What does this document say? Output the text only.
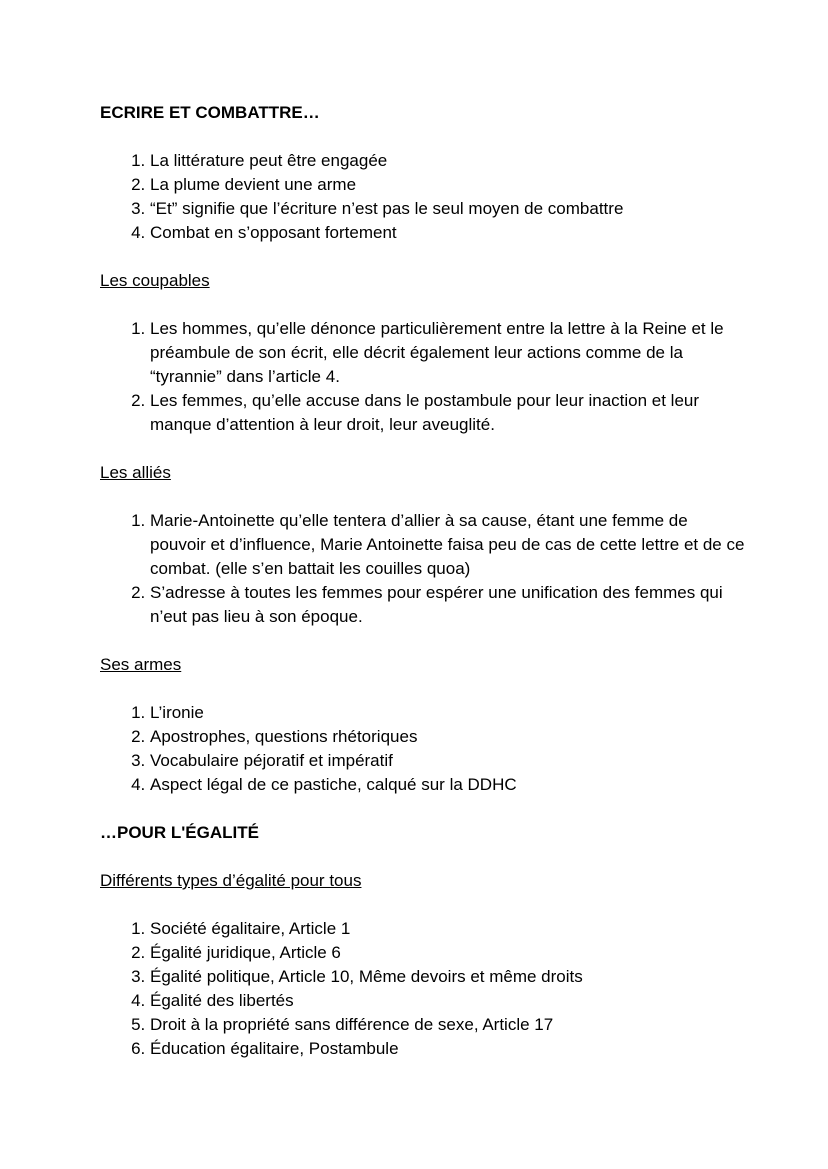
ECRIRE ET COMBATTRE…
1. La littérature peut être engagée
2. La plume devient une arme
3. “Et” signifie que l’écriture n’est pas le seul moyen de combattre
4. Combat en s’opposant fortement

Les coupables

1. Les hommes, qu’elle dénonce particulièrement entre la lettre à la Reine et le préambule de son écrit, elle décrit également leur actions comme de la “tyrannie” dans l’article 4.
2. Les femmes, qu’elle accuse dans le postambule pour leur inaction et leur manque d’attention à leur droit, leur aveuglité.

Les alliés

1. Marie-Antoinette qu’elle tentera d’allier à sa cause, étant une femme de pouvoir et d’influence, Marie Antoinette faisa peu de cas de cette lettre et de ce combat. (elle s’en battait les couilles quoa)
2. S’adresse à toutes les femmes pour espérer une unification des femmes qui n’eut pas lieu à son époque.

Ses armes

1. L’ironie
2. Apostrophes, questions rhétoriques
3. Vocabulaire péjoratif et impératif
4. Aspect légal de ce pastiche, calqué sur la DDHC
…POUR L'ÉGALITÉ

Différents types d’égalité pour tous

1. Société égalitaire, Article 1
2. Égalité juridique, Article 6
3. Égalité politique, Article 10, Même devoirs et même droits
4. Égalité des libertés
5. Droit à la propriété sans différence de sexe, Article 17
6. Éducation égalitaire, Postambule
